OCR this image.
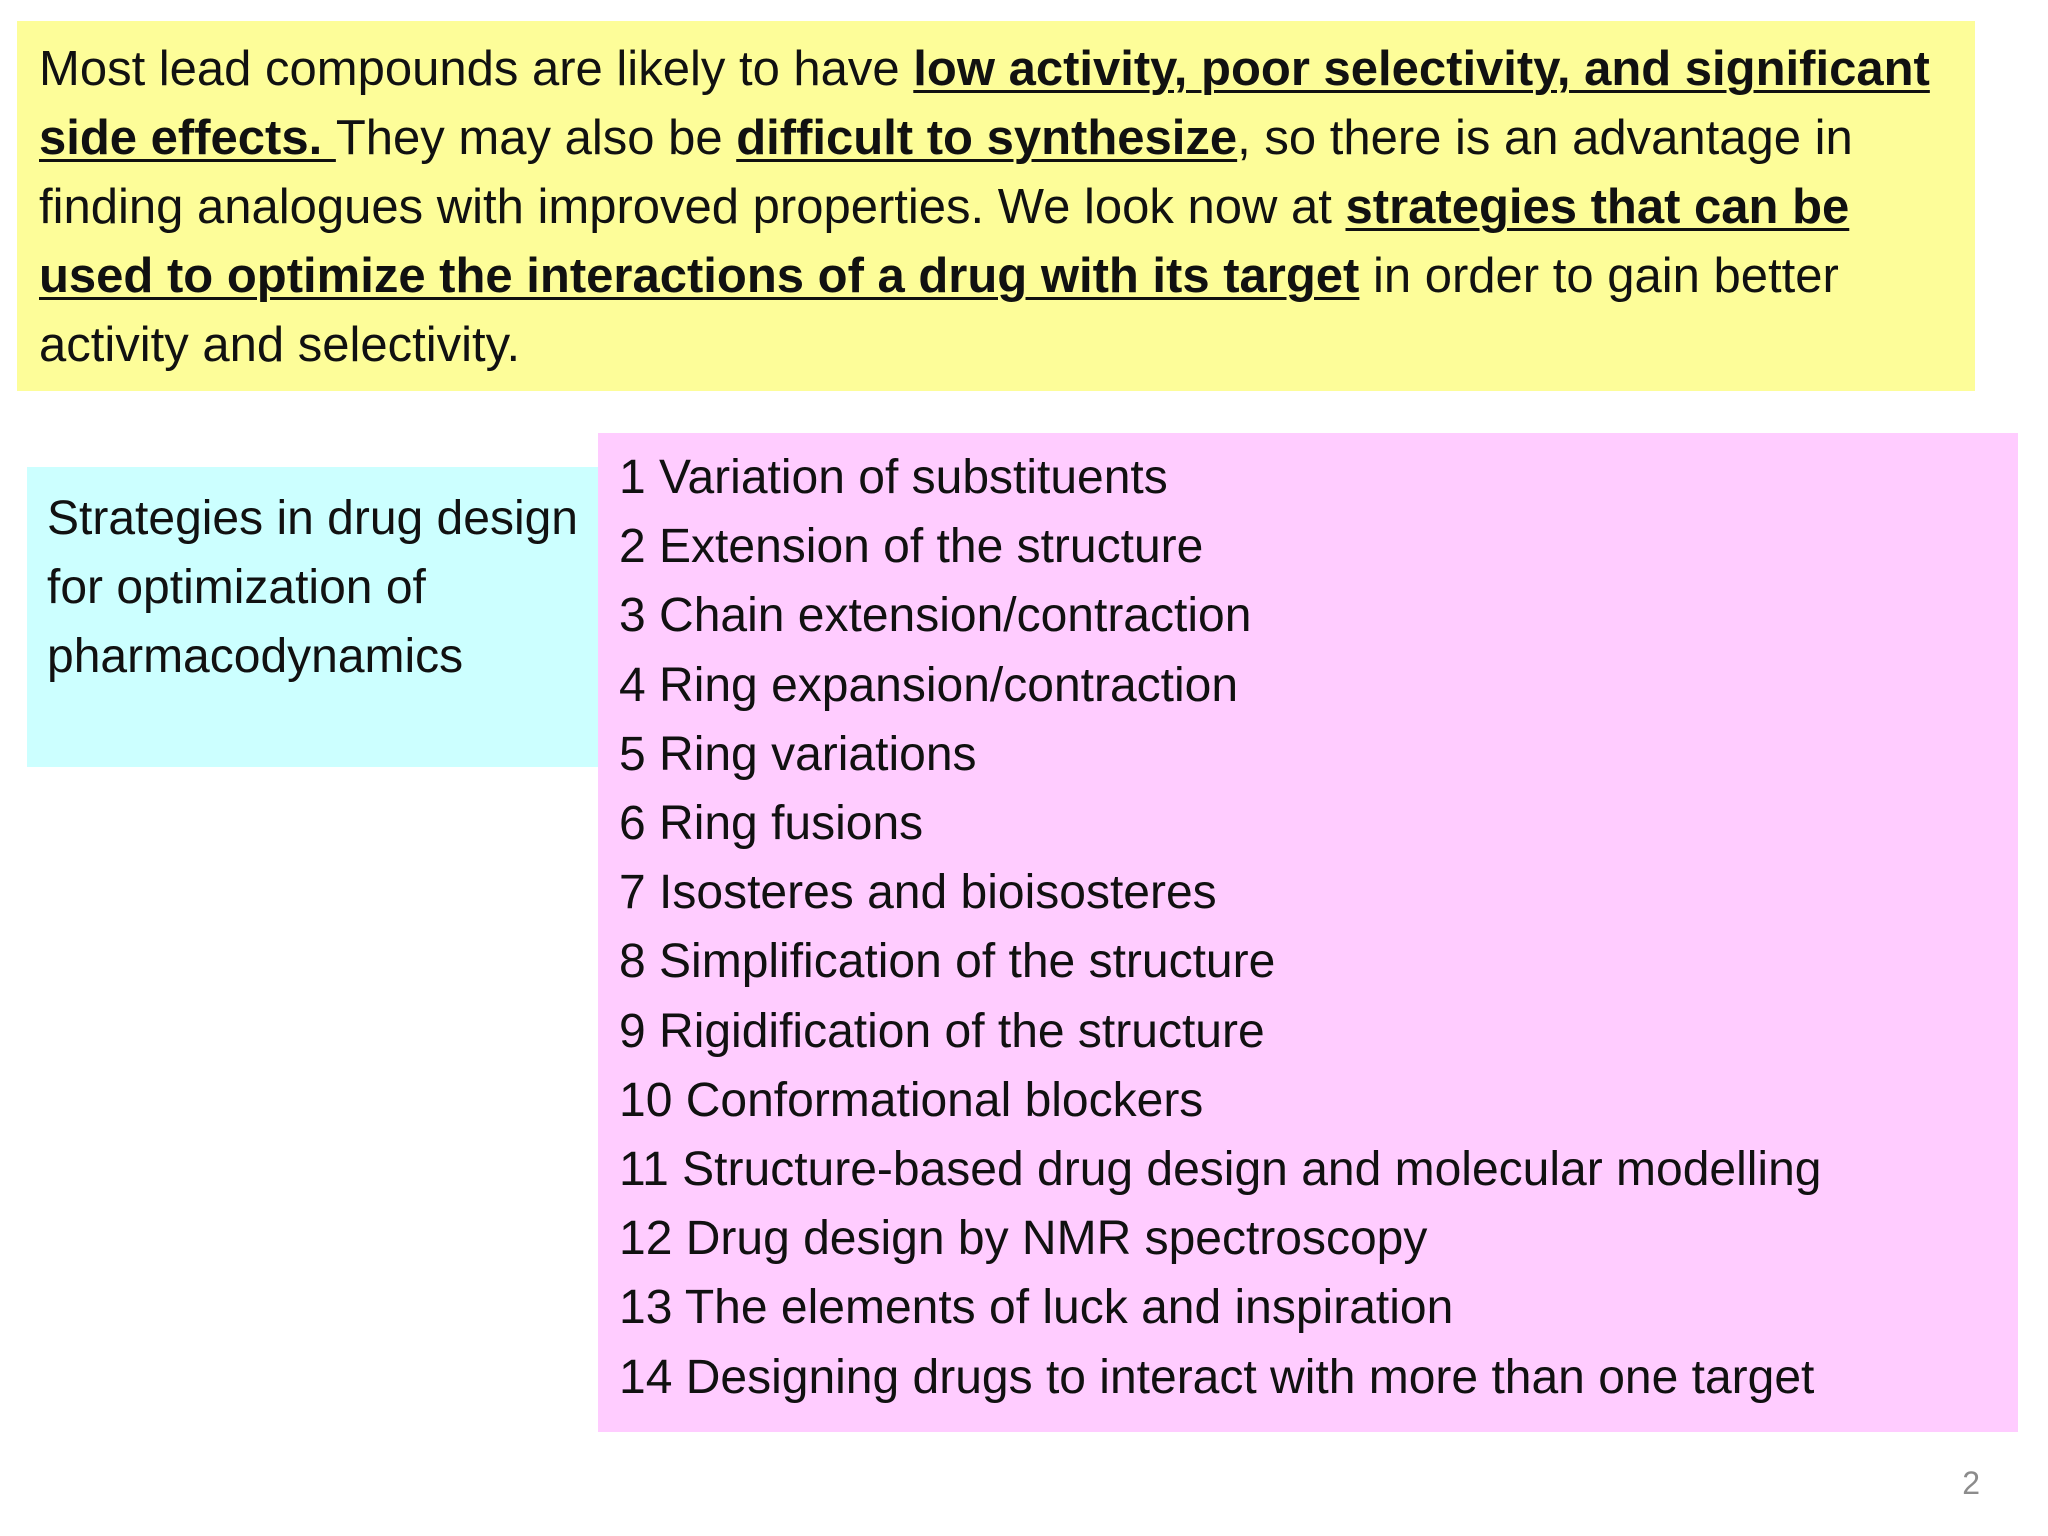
Most lead compounds are likely to have low activity, poor selectivity, and significant side effects. They may also be difficult to synthesize, so there is an advantage in finding analogues with improved properties. We look now at strategies that can be used to optimize the interactions of a drug with its target in order to gain better activity and selectivity.
Strategies in drug design for optimization of pharmacodynamics
1 Variation of substituents
2 Extension of the structure
3 Chain extension/contraction
4 Ring expansion/contraction
5 Ring variations
6 Ring fusions
7 Isosteres and bioisosteres
8 Simplification of the structure
9 Rigidification of the structure
10 Conformational blockers
11 Structure-based drug design and molecular modelling
12 Drug design by NMR spectroscopy
13 The elements of luck and inspiration
14 Designing drugs to interact with more than one target
2
